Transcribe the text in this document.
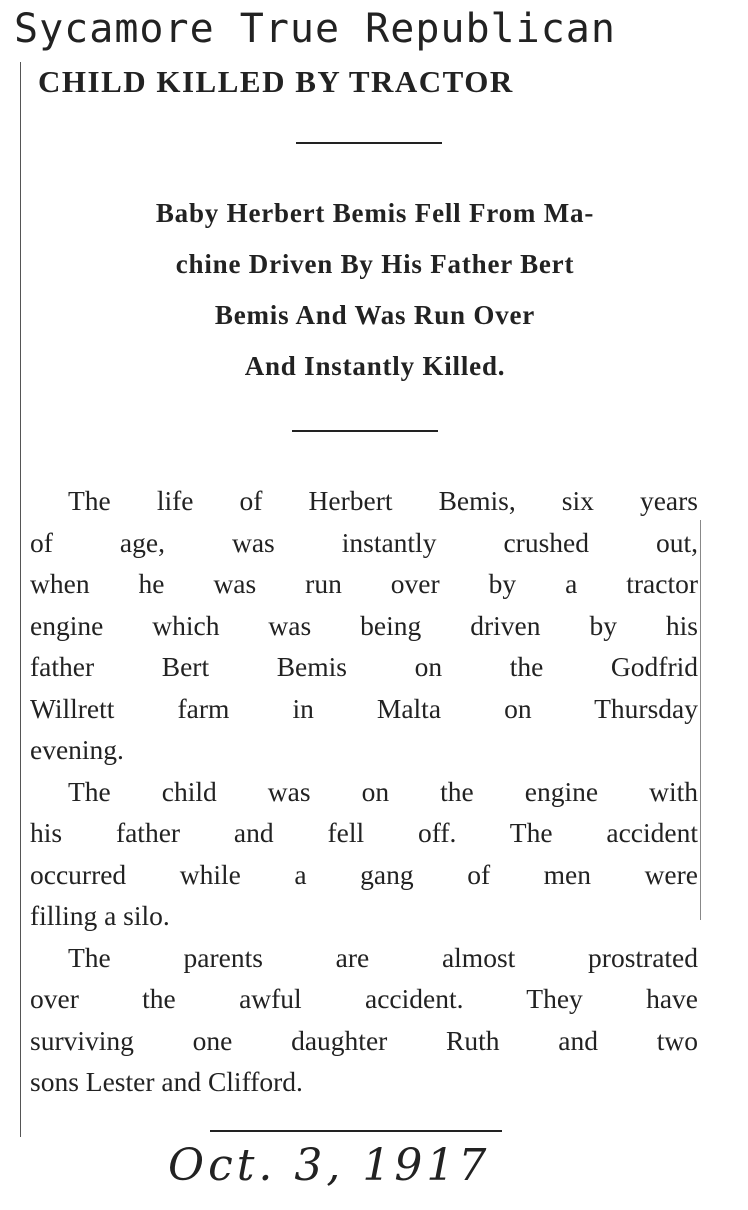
Sycamore True Republican
CHILD KILLED BY TRACTOR
Baby Herbert Bemis Fell From Ma-
chine Driven By His Father Bert
Bemis And Was Run Over
And Instantly Killed.
The life of Herbert Bemis, six years
of age, was instantly crushed out,
when he was run over by a tractor
engine which was being driven by his
father Bert Bemis on the Godfrid
Willrett farm in Malta on Thursday
evening.
The child was on the engine with
his father and fell off. The accident
occurred while a gang of men were
filling a silo.
The parents are almost prostrated
over the awful accident. They have
surviving one daughter Ruth and two
sons Lester and Clifford.
Oct. 3, 1917
